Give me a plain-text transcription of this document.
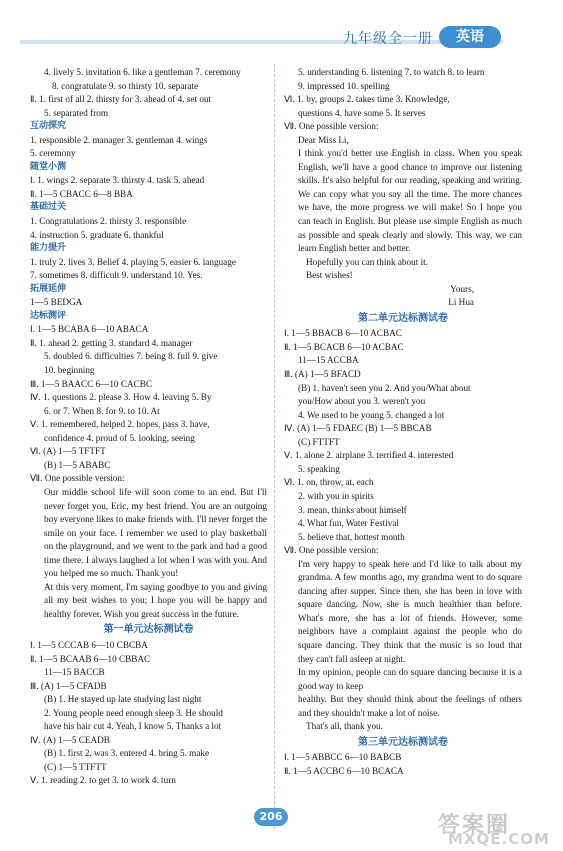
九年级全一册	英语
4. lively 5. invitation 6. like a gentleman 7. ceremony
8. congratulate 9. so thirsty 10. separate
Ⅱ. 1. first of all 2. thirsty for 3. ahead of 4. set out
5. separated from
互动探究
1. responsible 2. manager 3. gentleman 4. wings
5. ceremony
随堂小测
Ⅰ. 1. wings 2. separate 3. thirsty 4. task 5. ahead
Ⅱ. 1—5 CBACC 6—8 BBA
基础过关
1. Congratulations 2. thirsty 3. responsible
4. instruction 5. graduate 6. thankful
能力提升
1. truly 2. lives 3. Belief 4. playing 5. easier 6. language
7. sometimes 8. difficult 9. understand 10. Yes.
拓展延伸
1—5 BEDGA
达标测评
Ⅰ. 1—5 BCABA 6—10 ABACA
Ⅱ. 1. ahead 2. getting 3. standard 4. manager
5. doubled 6. difficulties 7. being 8. full 9. give
10. beginning
Ⅲ. 1—5 BAACC 6—10 CACBC
Ⅳ. 1. questions 2. please 3. How 4. leaving 5. By
6. or 7. When 8. for 9. to 10. At
Ⅴ. 1. remembered, helped 2. hopes, pass 3. have,
confidence 4. proud of 5. looking, seeing
Ⅵ. (A) 1—5 TFTFT
(B) 1—5 ABABC
Ⅶ. One possible version:
Our middle school life will soon come to an end. But I'll never forget you, Eric, my best friend. You are an outgoing boy everyone likes to make friends with. I'll never forget the smile on your face. I remember we used to play basketball on the playground, and we went to the park and had a good time there. I always laughed a lot when I was with you. And you helped me so much. Thank you!
At this very moment, I'm saying goodbye to you and giving all my best wishes to you; I hope you will be happy and healthy forever. Wish you great success in the future.
第一单元达标测试卷
Ⅰ. 1—5 CCCAB 6—10 CBCBA
Ⅱ. 1—5 BCAAB 6—10 CBBAC
11—15 BACCB
Ⅲ. (A) 1—5 CFADB
(B) 1. He stayed up late studying last night
2. Young people need enough sleep 3. He should
have his hair cut 4. Yeah, I know 5. Thanks a lot
Ⅳ. (A) 1—5 CEADB
(B) 1. first 2. was 3. entered 4. bring 5. make
(C) 1—5 TTFTT
Ⅴ. 1. reading 2. to get 3. to work 4. turn
5. understanding 6. listening 7. to watch 8. to learn
9. impressed 10. spelling
Ⅵ. 1. by, groups 2. takes time 3. Knowledge,
questions 4. have some 5. It serves
Ⅶ. One possible version:
Dear Miss Li,
I think you'd better use English in class. When you speak English, we'll have a good chance to improve our listening skills. It's also helpful for our reading, speaking and writing. We can copy what you say all the time. The more chances we have, the more progress we will make! So I hope you can teach in English. But please use simple English as much as possible and speak clearly and slowly. This way, we can learn English better and better.
Hopefully you can think about it.
Best wishes!
Yours,
Li Hua
第二单元达标测试卷
Ⅰ. 1—5 BBACB 6—10 ACBAC
Ⅱ. 1—5 BCACB 6—10 ACBAC
11—15 ACCBA
Ⅲ. (A) 1—5 BFACD
(B) 1. haven't seen you 2. And you/What about
you/How about you 3. weren't you
4. We used to be young 5. changed a lot
Ⅳ. (A) 1—5 FDAEC (B) 1—5 BBCAB
(C) FTTFT
Ⅴ. 1. alone 2. airplane 3. terrified 4. interested
5. speaking
Ⅵ. 1. on, throw, at, each
2. with you in spirits
3. mean, thinks about himself
4. What fun, Water Festival
5. believe that, hottest month
Ⅶ. One possible version:
I'm very happy to speak here and I'd like to talk about my grandma. A few months ago, my grandma went to do square dancing after supper. Since then, she has been in love with square dancing. Now, she is much healthier than before. What's more, she has a lot of friends. However, some neighbors have a complaint against the people who do square dancing. They think that the music is so loud that they can't fall asleep at night.
In my opinion, people can do square dancing because it is a good way to keep
healthy. But they should think about the feelings of others and they shouldn't make a lot of noise.
That's all, thank you.
第三单元达标测试卷
Ⅰ. 1—5 ABBCC 6—10 BABCB
Ⅱ. 1—5 ACCBC 6—10 BCACA
206	答案圈
MXQE.COM
